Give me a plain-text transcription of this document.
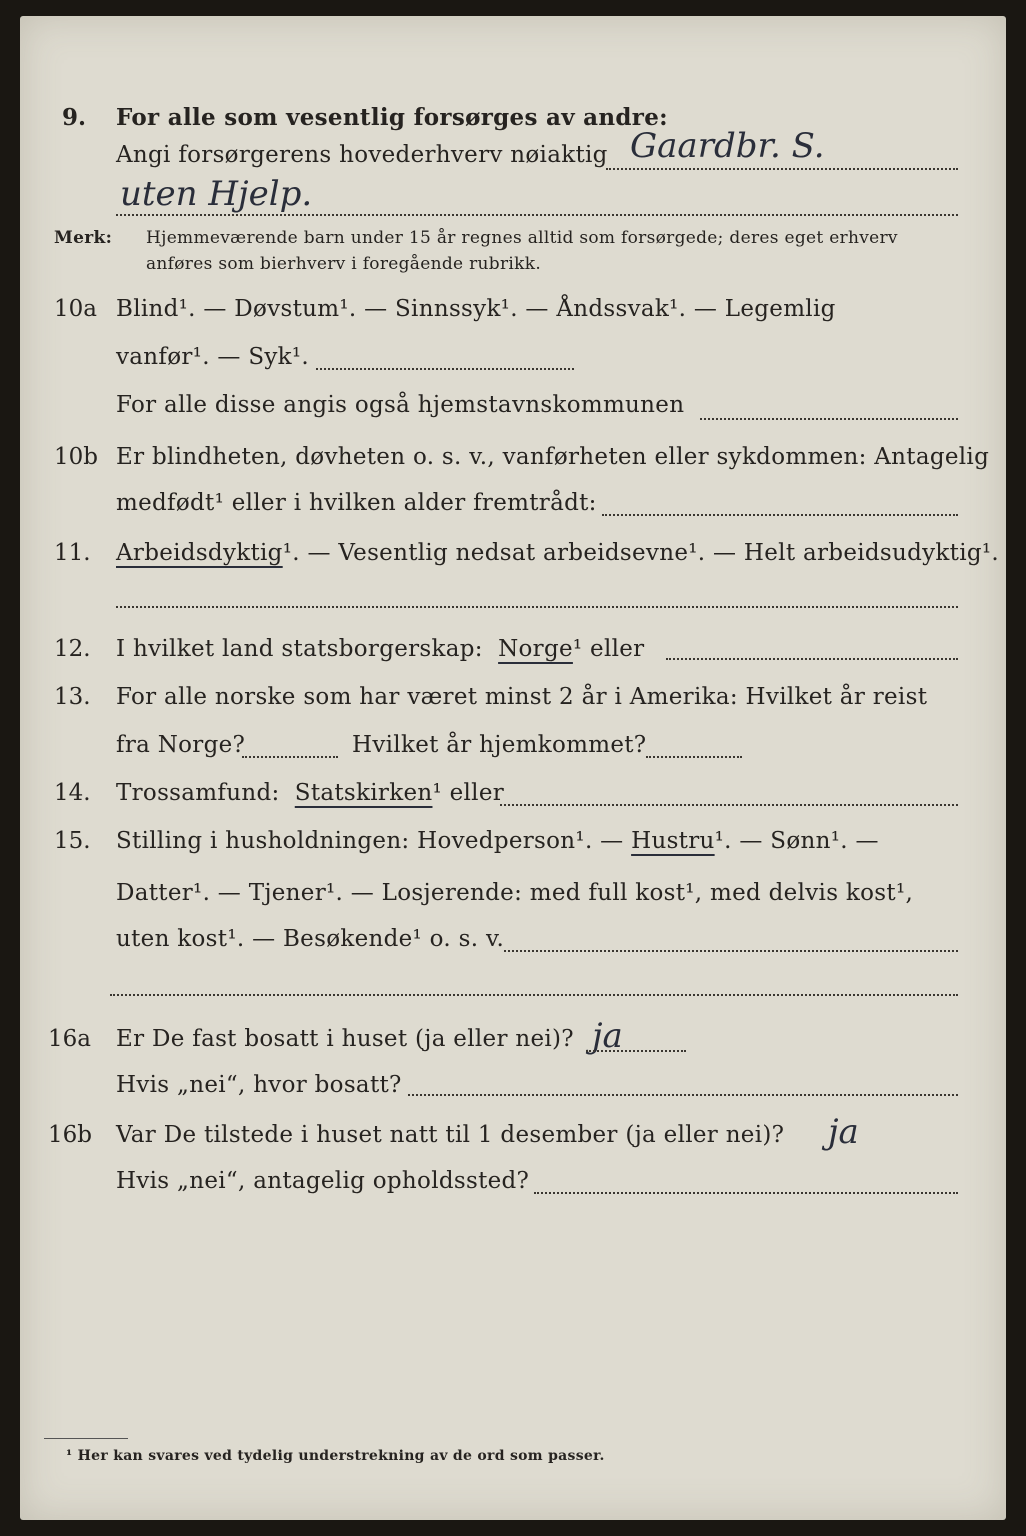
9. For alle som vesentlig forsørges av andre:
Angi forsørgerens hovederhverv nøiaktig Gaardbr. S.
uten Hjelp.
Merk: Hjemmeværende barn under 15 år regnes alltid som forsørgede; deres eget erhverv
anføres som bierhverv i foregående rubrikk.
10a Blind¹. — Døvstum¹. — Sinnssyk¹. — Åndssvak¹. — Legemlig
vanfør¹. — Syk¹.
For alle disse angis også hjemstavnskommunen
10b Er blindheten, døvheten o. s. v., vanførheten eller sykdommen: Antagelig
medfødt¹ eller i hvilken alder fremtrådt:
11. Arbeidsdyktig¹. — Vesentlig nedsat arbeidsevne¹. — Helt arbeidsudyktig¹.
12. I hvilket land statsborgerskap: Norge¹ eller
13. For alle norske som har været minst 2 år i Amerika: Hvilket år reist
fra Norge?	Hvilket år hjemkommet?
14. Trossamfund: Statskirken¹ eller
15. Stilling i husholdningen: Hovedperson¹. — Hustru¹. — Sønn¹. —
Datter¹. — Tjener¹. — Losjerende: med full kost¹, med delvis kost¹,
uten kost¹. — Besøkende¹ o. s. v.
16a Er De fast bosatt i huset (ja eller nei)? ja
Hvis „nei“, hvor bosatt?
16b Var De tilstede i huset natt til 1 desember (ja eller nei)? ja
Hvis „nei“, antagelig opholdssted?
¹ Her kan svares ved tydelig understrekning av de ord som passer.
